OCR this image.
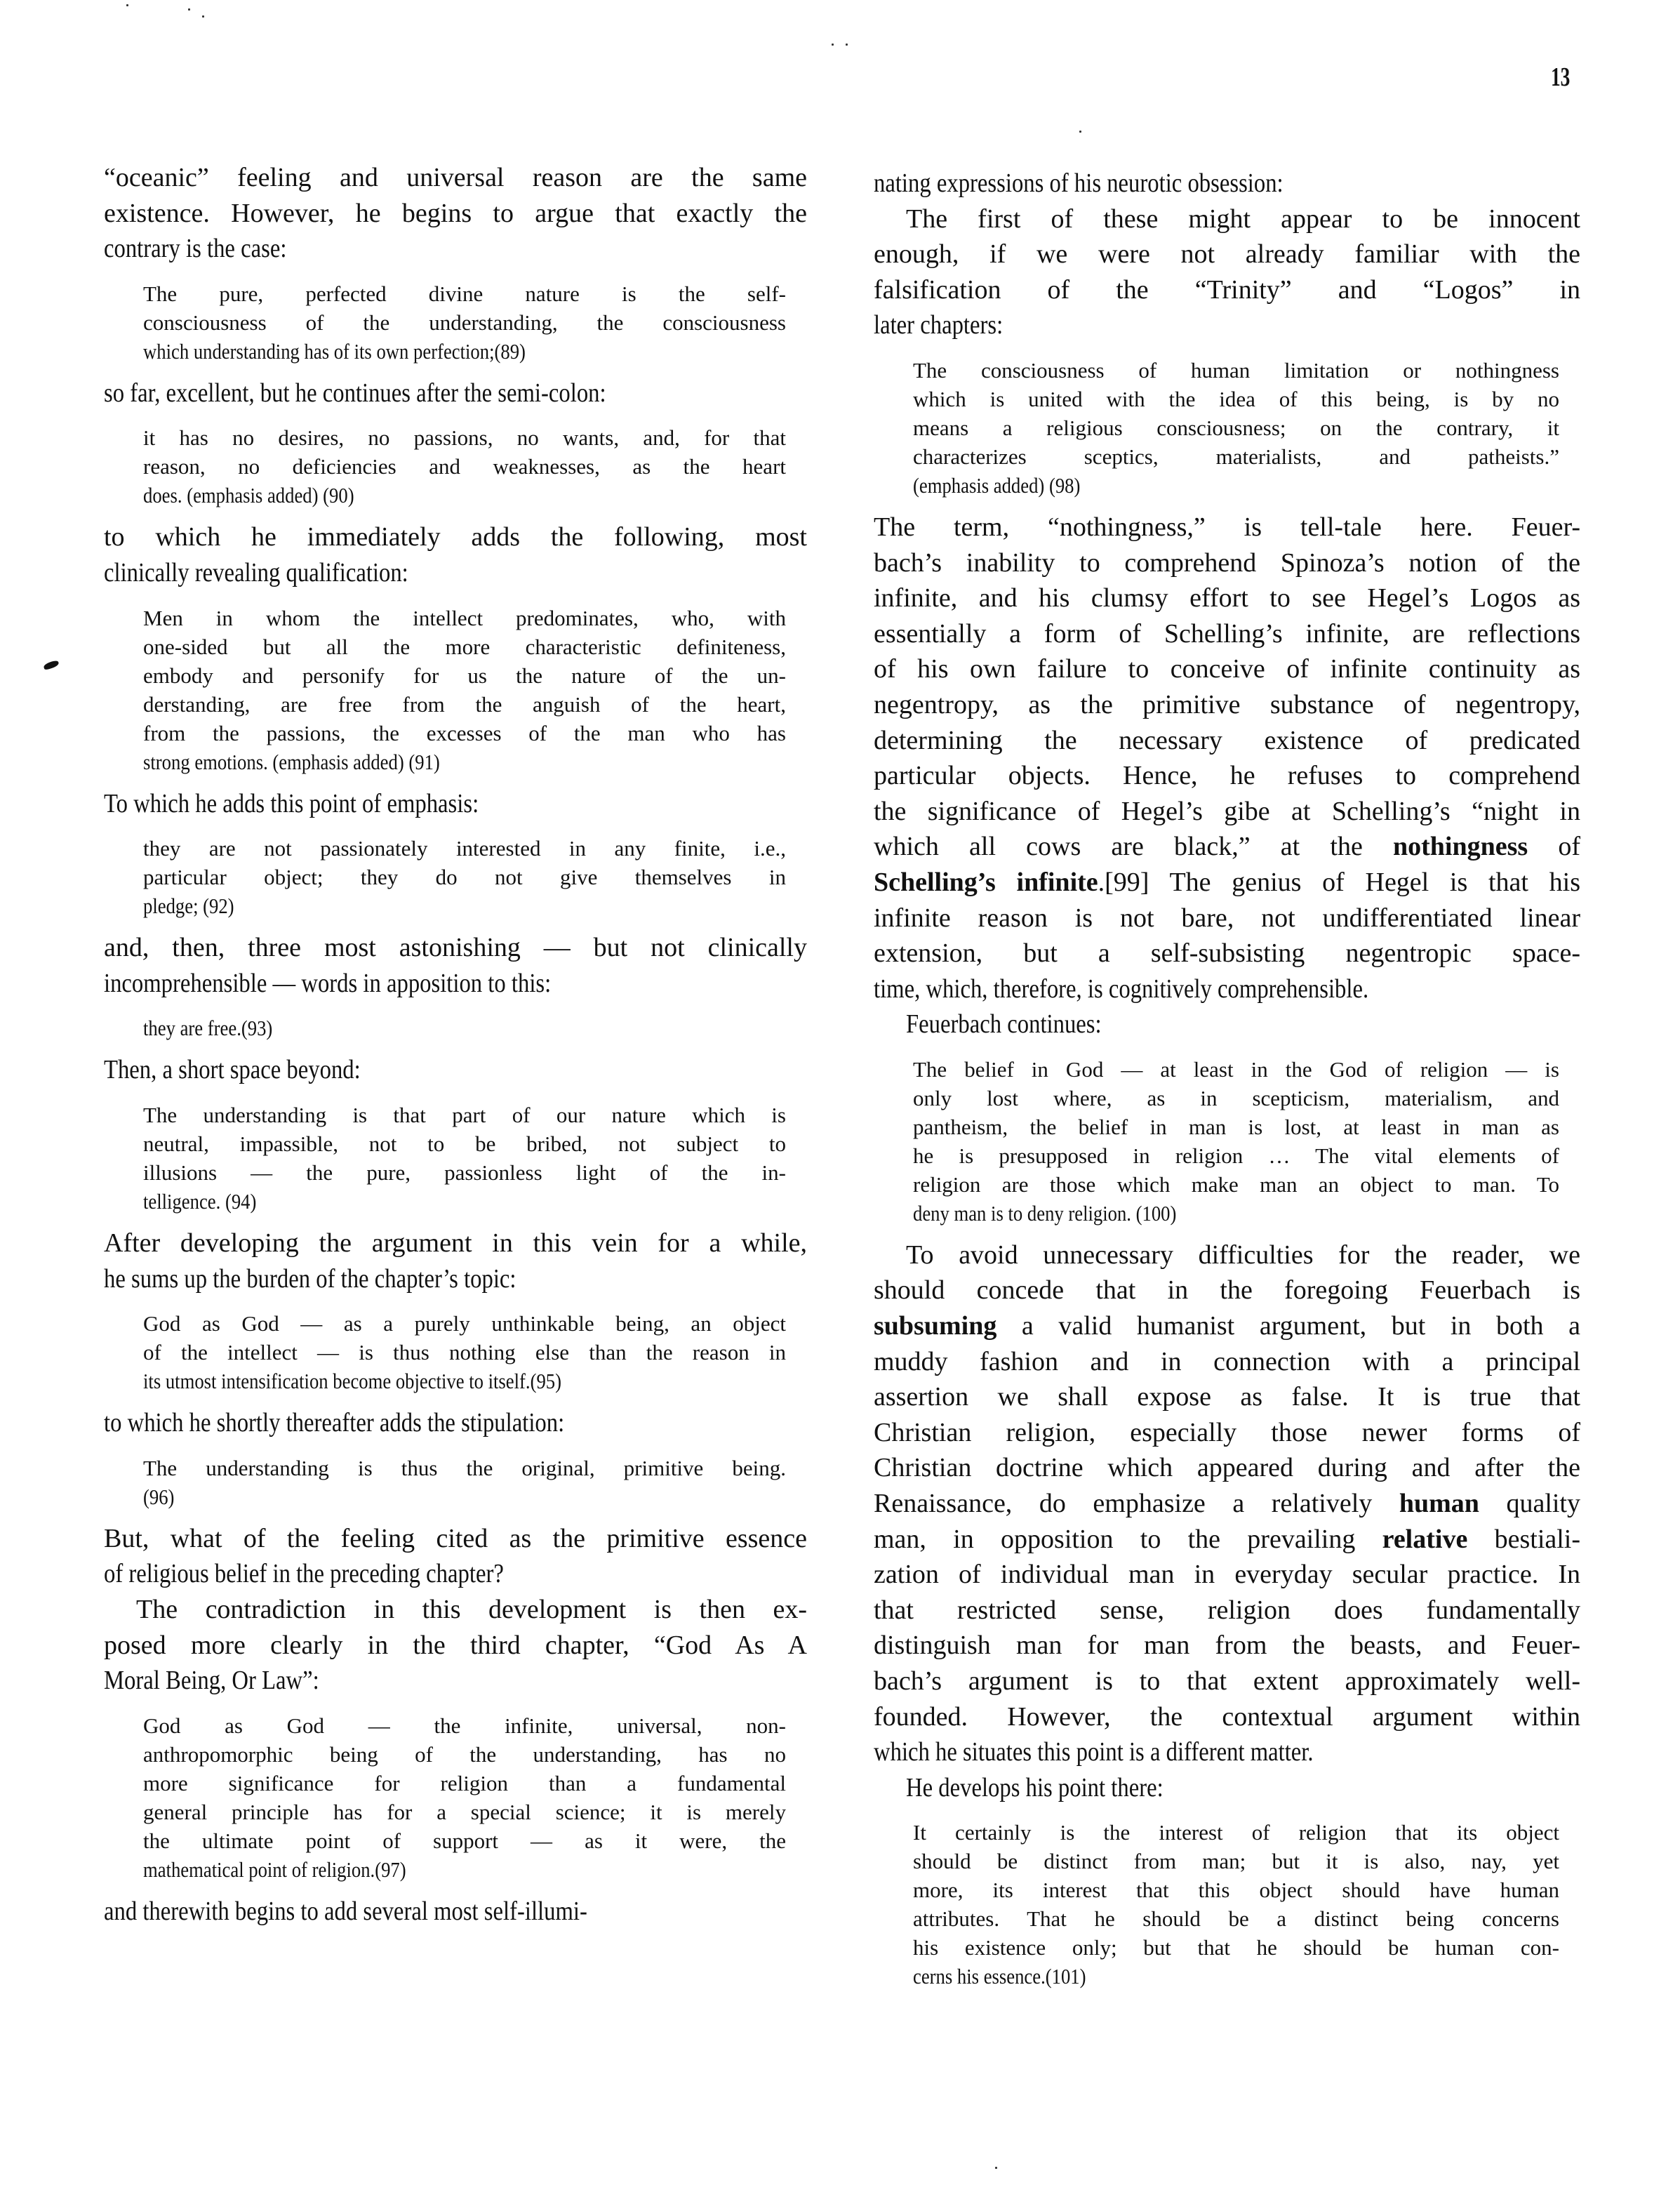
13
“oceanic” feeling and universal reason are the same
existence. However, he begins to argue that exactly the
contrary is the case:
The pure, perfected divine nature is the self-
consciousness of the understanding, the consciousness
which understanding has of its own perfection;(89)
so far, excellent, but he continues after the semi-colon:
it has no desires, no passions, no wants, and, for that
reason, no deficiencies and weaknesses, as the heart
does. (emphasis added) (90)
to which he immediately adds the following, most
clinically revealing qualification:
Men in whom the intellect predominates, who, with
one-sided but all the more characteristic definiteness,
embody and personify for us the nature of the un-
derstanding, are free from the anguish of the heart,
from the passions, the excesses of the man who has
strong emotions. (emphasis added) (91)
To which he adds this point of emphasis:
they are not passionately interested in any finite, i.e.,
particular object; they do not give themselves in
pledge; (92)
and, then, three most astonishing — but not clinically
incomprehensible — words in apposition to this:
they are free.(93)
Then, a short space beyond:
The understanding is that part of our nature which is
neutral, impassible, not to be bribed, not subject to
illusions — the pure, passionless light of the in-
telligence. (94)
After developing the argument in this vein for a while,
he sums up the burden of the chapter’s topic:
God as God — as a purely unthinkable being, an object
of the intellect — is thus nothing else than the reason in
its utmost intensification become objective to itself.(95)
to which he shortly thereafter adds the stipulation:
The understanding is thus the original, primitive being.
(96)
But, what of the feeling cited as the primitive essence
of religious belief in the preceding chapter?
The contradiction in this development is then ex-
posed more clearly in the third chapter, “God As A
Moral Being, Or Law”:
God as God — the infinite, universal, non-
anthropomorphic being of the understanding, has no
more significance for religion than a fundamental
general principle has for a special science; it is merely
the ultimate point of support — as it were, the
mathematical point of religion.(97)
and therewith begins to add several most self-illumi-
nating expressions of his neurotic obsession:
The first of these might appear to be innocent
enough, if we were not already familiar with the
falsification of the “Trinity” and “Logos” in
later chapters:
The consciousness of human limitation or nothingness
which is united with the idea of this being, is by no
means a religious consciousness; on the contrary, it
characterizes sceptics, materialists, and patheists.”
(emphasis added) (98)
The term, “nothingness,” is tell-tale here. Feuer-
bach’s inability to comprehend Spinoza’s notion of the
infinite, and his clumsy effort to see Hegel’s Logos as
essentially a form of Schelling’s infinite, are reflections
of his own failure to conceive of infinite continuity as
negentropy, as the primitive substance of negentropy,
determining the necessary existence of predicated
particular objects. Hence, he refuses to comprehend
the significance of Hegel’s gibe at Schelling’s “night in
which all cows are black,” at the nothingness of
Schelling’s infinite.[99] The genius of Hegel is that his
infinite reason is not bare, not undifferentiated linear
extension, but a self-subsisting negentropic space-
time, which, therefore, is cognitively comprehensible.
Feuerbach continues:
The belief in God — at least in the God of religion — is
only lost where, as in scepticism, materialism, and
pantheism, the belief in man is lost, at least in man as
he is presupposed in religion … The vital elements of
religion are those which make man an object to man. To
deny man is to deny religion. (100)
To avoid unnecessary difficulties for the reader, we
should concede that in the foregoing Feuerbach is
subsuming a valid humanist argument, but in both a
muddy fashion and in connection with a principal
assertion we shall expose as false. It is true that
Christian religion, especially those newer forms of
Christian doctrine which appeared during and after the
Renaissance, do emphasize a relatively human quality
man, in opposition to the prevailing relative bestiali-
zation of individual man in everyday secular practice. In
that restricted sense, religion does fundamentally
distinguish man for man from the beasts, and Feuer-
bach’s argument is to that extent approximately well-
founded. However, the contextual argument within
which he situates this point is a different matter.
He develops his point there:
It certainly is the interest of religion that its object
should be distinct from man; but it is also, nay, yet
more, its interest that this object should have human
attributes. That he should be a distinct being concerns
his existence only; but that he should be human con-
cerns his essence.(101)
